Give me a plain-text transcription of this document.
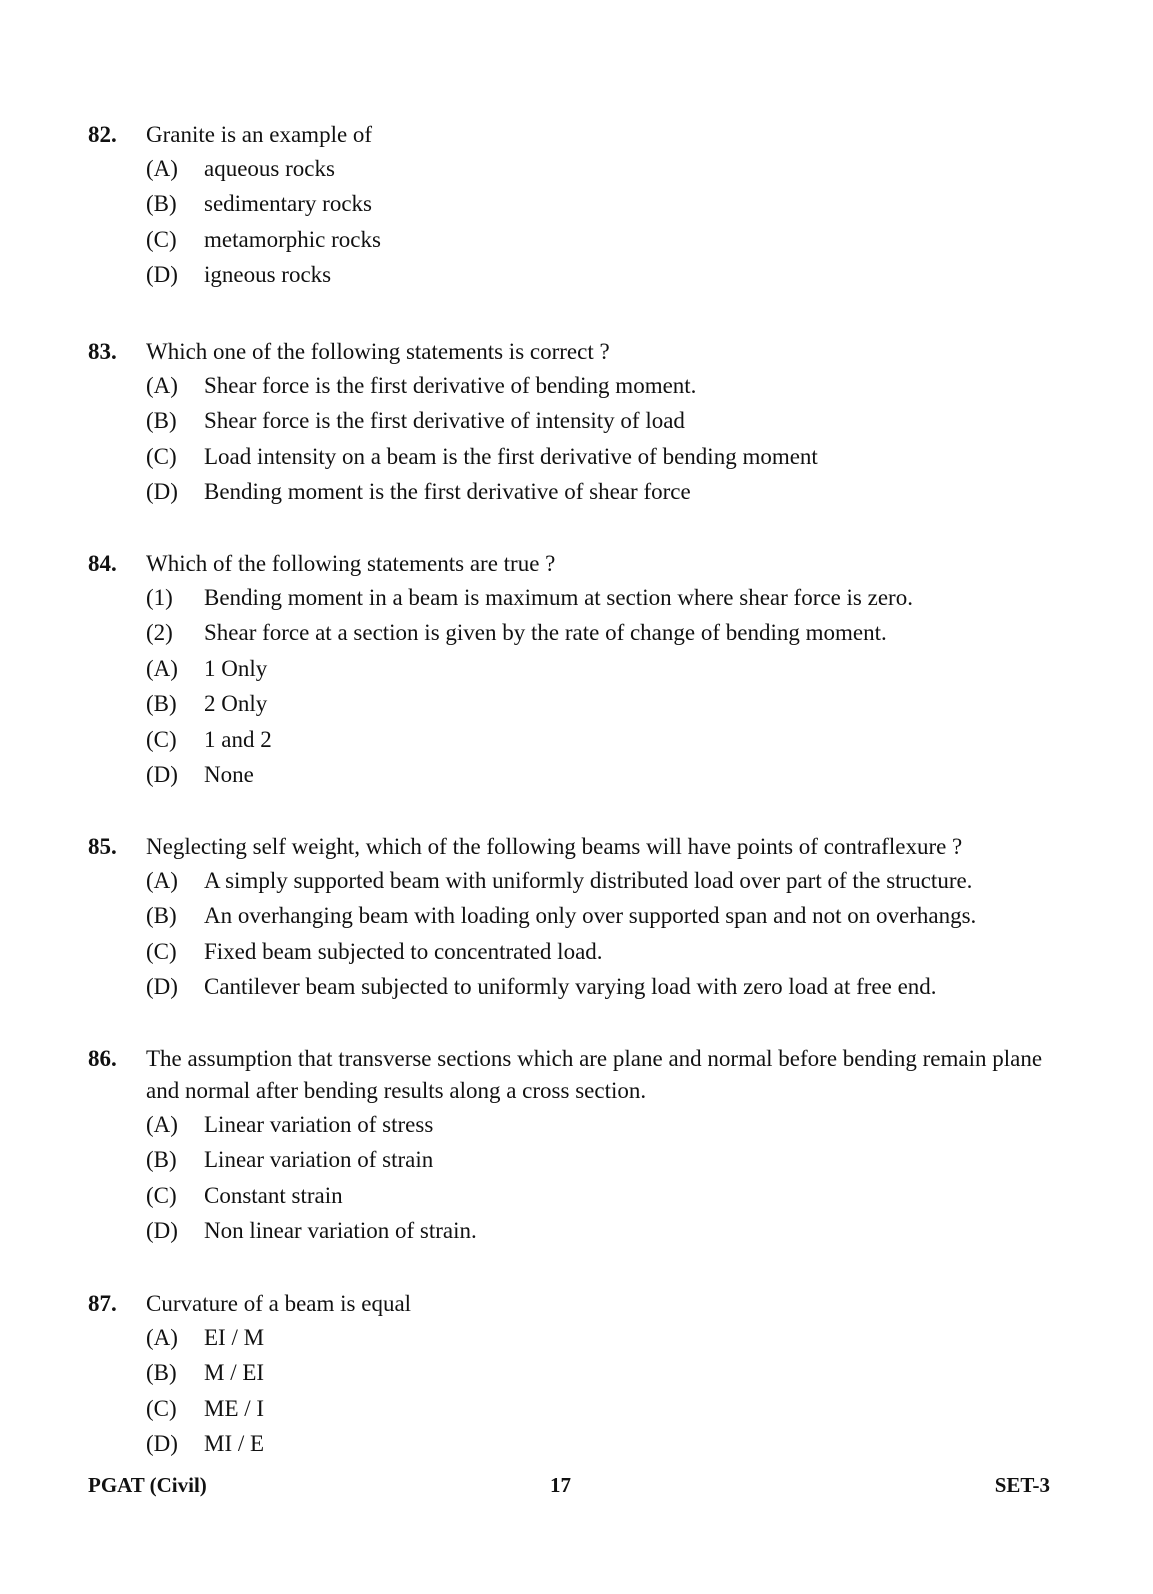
82.	Granite is an example of
(A)	aqueous rocks
(B)	sedimentary rocks
(C)	metamorphic rocks
(D)	igneous rocks
83.	Which one of the following statements is correct ?
(A)	Shear force is the first derivative of bending moment.
(B)	Shear force is the first derivative of intensity of load
(C)	Load intensity on a beam is the first derivative of bending moment
(D)	Bending moment is the first derivative of shear force
84.	Which of the following statements are true ?
(1)	Bending moment in a beam is maximum at section where shear force is zero.
(2)	Shear force at a section is given by the rate of change of bending moment.
(A)	1 Only
(B)	2 Only
(C)	1 and 2
(D)	None
85.	Neglecting self weight, which of the following beams will have points of contraflexure ?
(A)	A simply supported beam with uniformly distributed load over part of the structure.
(B)	An overhanging beam with loading only over supported span and not on overhangs.
(C)	Fixed beam subjected to concentrated load.
(D)	Cantilever beam subjected to uniformly varying load with zero load at free end.
86.	The assumption that transverse sections which are plane and normal before bending remain plane and normal after bending results along a cross section.
(A)	Linear variation of stress
(B)	Linear variation of strain
(C)	Constant strain
(D)	Non linear variation of strain.
87.	Curvature of a beam is equal
(A)	EI / M
(B)	M / EI
(C)	ME / I
(D)	MI / E
PGAT (Civil)	17	SET-3
